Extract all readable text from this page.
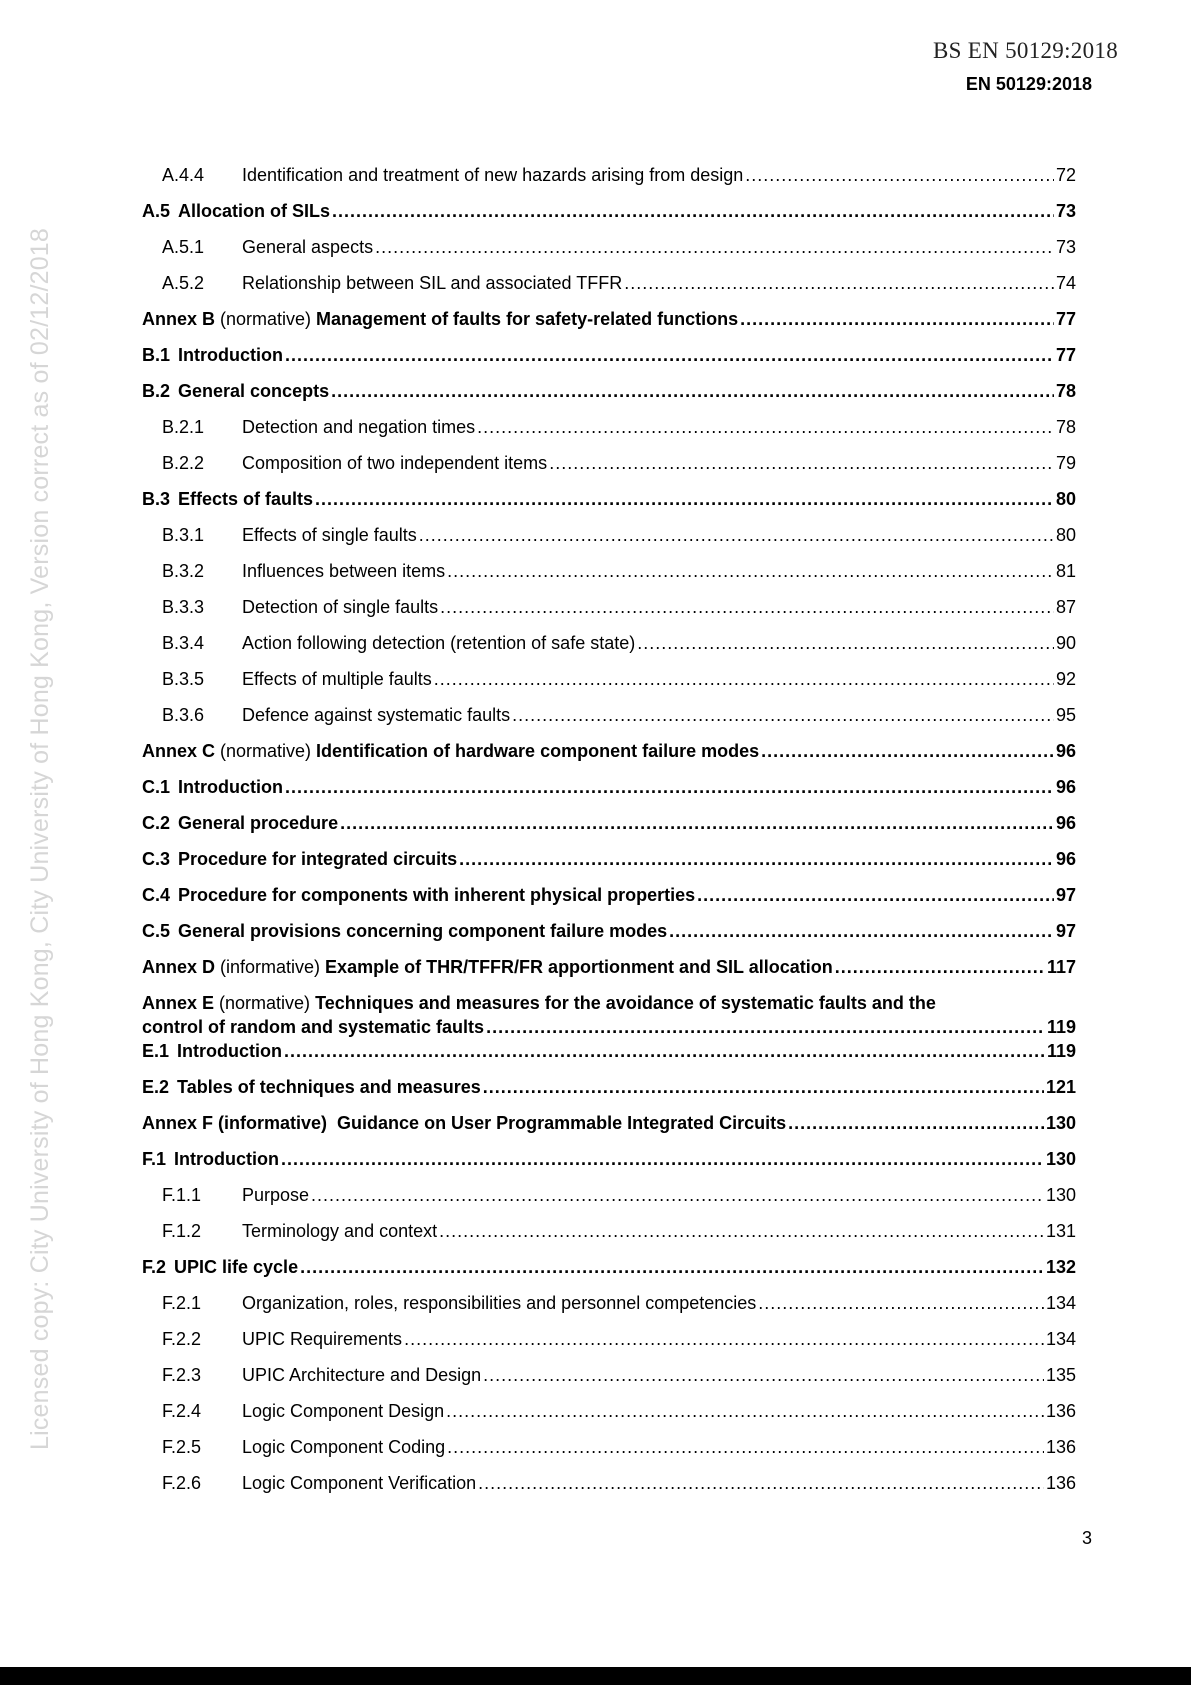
BS EN 50129:2018
EN 50129:2018
Licensed copy: City University of Hong Kong, City University of Hong Kong, Version correct as of 02/12/2018
A.4.4	Identification and treatment of new hazards arising from design .....	72
A.5 Allocation of SILs .....	73
A.5.1	General aspects .....	73
A.5.2	Relationship between SIL and associated TFFR .....	74
Annex B (normative) Management of faults for safety-related functions .....	77
B.1 Introduction .....	77
B.2 General concepts .....	78
B.2.1	Detection and negation times .....	78
B.2.2	Composition of two independent items .....	79
B.3 Effects of faults .....	80
B.3.1	Effects of single faults .....	80
B.3.2	Influences between items .....	81
B.3.3	Detection of single faults .....	87
B.3.4	Action following detection (retention of safe state) .....	90
B.3.5	Effects of multiple faults .....	92
B.3.6	Defence against systematic faults .....	95
Annex C (normative) Identification of hardware component failure modes .....	96
C.1 Introduction .....	96
C.2 General procedure .....	96
C.3 Procedure for integrated circuits .....	96
C.4 Procedure for components with inherent physical properties .....	97
C.5 General provisions concerning component failure modes .....	97
Annex D (informative) Example of THR/TFFR/FR apportionment and SIL allocation .....	117
Annex E (normative) Techniques and measures for the avoidance of systematic faults and the
control of random and systematic faults .....	119
E.1 Introduction .....	119
E.2 Tables of techniques and measures .....	121
Annex F (informative)  Guidance on User Programmable Integrated Circuits .....	130
F.1 Introduction .....	130
F.1.1	Purpose .....	130
F.1.2	Terminology and context .....	131
F.2 UPIC life cycle .....	132
F.2.1	Organization, roles, responsibilities and personnel competencies .....	134
F.2.2	UPIC Requirements .....	134
F.2.3	UPIC Architecture and Design .....	135
F.2.4	Logic Component Design .....	136
F.2.5	Logic Component Coding .....	136
F.2.6	Logic Component Verification .....	136
3
